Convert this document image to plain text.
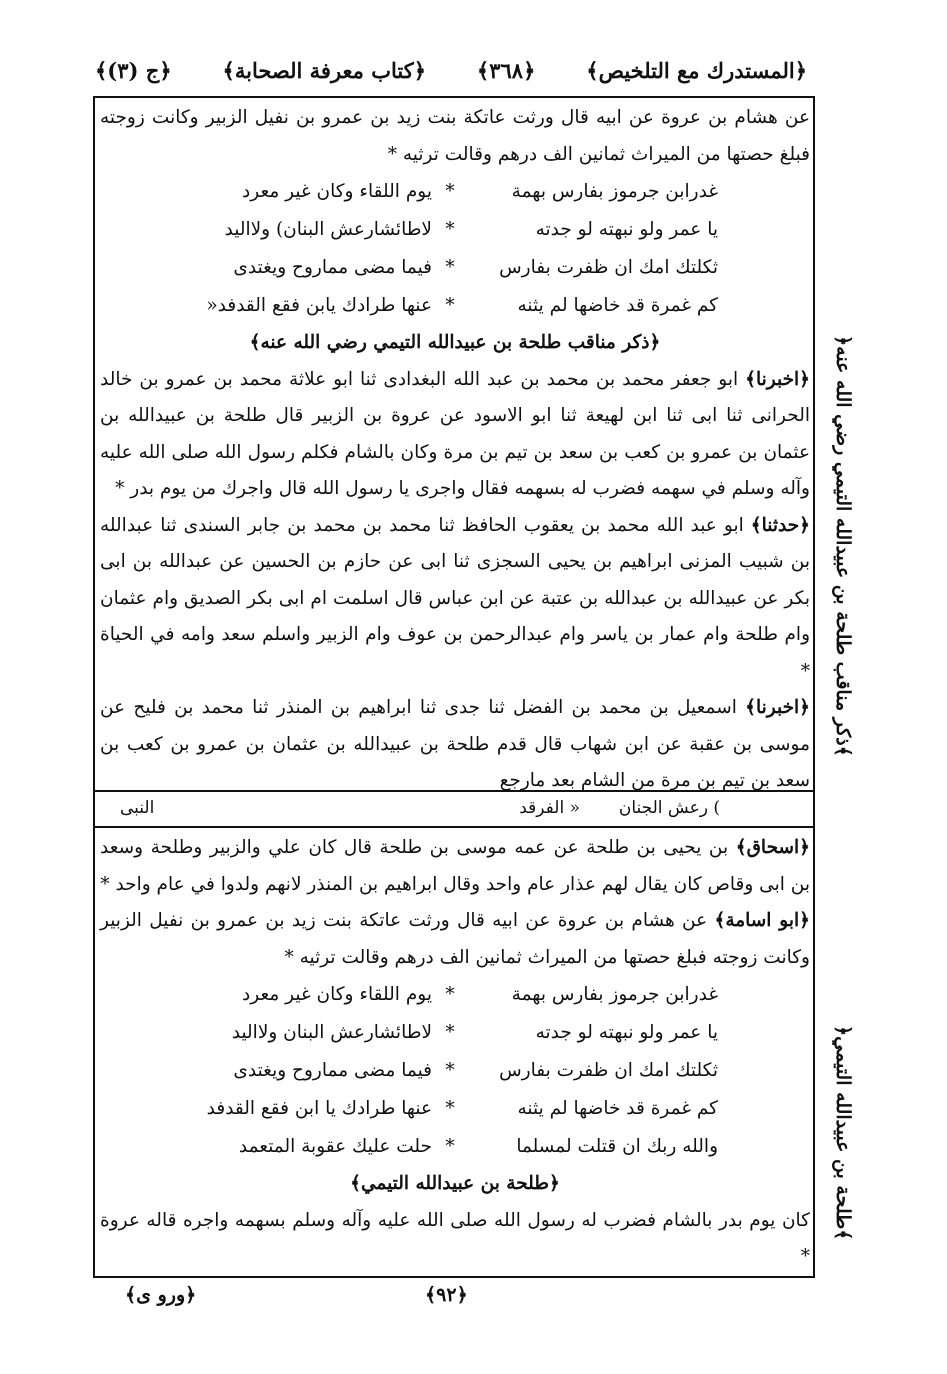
﴿المستدرك مع التلخيص﴾
﴿٣٦٨﴾
﴿كتاب معرفة الصحابة﴾
﴿ج (٣)﴾

عن هشام بن عروة عن ابيه قال ورثت عاتكة بنت زيد بن عمرو بن نفيل الزبير وكانت زوجته فبلغ حصتها من الميراث ثمانين الف درهم وقالت ترثيه *

غدرابن جرموز بفارس بهمة
*
يوم اللقاء وكان غير معرد
يا عمر ولو نبهته لو جدته
*
لاطائشارعش البنان) ولااليد
ثكلتك امك ان ظفرت بفارس
*
فيما مضى مماروح ويغتدى
كم غمرة قد خاضها لم يثنه
*
عنها طرادك يابن فقع القدفد«

﴿ذكر مناقب طلحة بن عبيدالله التيمي رضي الله عنه﴾

﴿اخبرنا﴾ ابو جعفر محمد بن محمد بن عبد الله البغدادى ثنا ابو علاثة محمد بن عمرو بن خالد الحرانى ثنا ابى ثنا ابن لهيعة ثنا ابو الاسود عن عروة بن الزبير قال طلحة بن عبيدالله بن عثمان بن عمرو بن كعب بن سعد بن تيم بن مرة وكان بالشام فكلم رسول الله صلى الله عليه وآله وسلم في سهمه فضرب له بسهمه فقال واجرى يا رسول الله قال واجرك من يوم بدر *

﴿حدثنا﴾ ابو عبد الله محمد بن يعقوب الحافظ ثنا محمد بن محمد بن جابر السندى ثنا عبدالله بن شبيب المزنى ابراهيم بن يحيى السجزى ثنا ابى عن حازم بن الحسين عن عبدالله بن ابى بكر عن عبيدالله بن عبدالله بن عتبة عن ابن عباس قال اسلمت ام ابى بكر الصديق وام عثمان وام طلحة وام عمار بن ياسر وام عبدالرحمن بن عوف وام الزبير واسلم سعد وامه في الحياة *

﴿اخبرنا﴾ اسمعيل بن محمد بن الفضل ثنا جدى ثنا ابراهيم بن المنذر ثنا محمد بن فليح عن موسى بن عقبة عن ابن شهاب قال قدم طلحة بن عبيدالله بن عثمان بن عمرو بن كعب بن سعد بن تيم بن مرة من الشام بعد مارجع

) رعش الجنان
« الفرقد
النبى

﴿اسحاق﴾ بن يحيى بن طلحة عن عمه موسى بن طلحة قال كان علي والزبير وطلحة وسعد بن ابى وقاص كان يقال لهم عذار عام واحد وقال ابراهيم بن المنذر لانهم ولدوا في عام واحد *

﴿ابو اسامة﴾ عن هشام بن عروة عن ابيه قال ورثت عاتكة بنت زيد بن عمرو بن نفيل الزبير وكانت زوجته فبلغ حصتها من الميراث ثمانين الف درهم وقالت ترثيه *

غدرابن جرموز بفارس بهمة
*
يوم اللقاء وكان غير معرد
يا عمر ولو نبهته لو جدته
*
لاطائشارعش البنان ولااليد
ثكلتك امك ان ظفرت بفارس
*
فيما مضى مماروح ويغتدى
كم غمرة قد خاضها لم يثنه
*
عنها طرادك يا ابن فقع القدفد
والله ربك ان قتلت لمسلما
*
حلت عليك عقوبة المتعمد

﴿طلحة بن عبيدالله التيمي﴾

كان يوم بدر بالشام فضرب له رسول الله صلى الله عليه وآله وسلم بسهمه واجره قاله عروة *

﴿ذكر مناقب طلحة بن عبيدالله التيمي رضي الله عنه﴾
﴿طلحة بن عبيدالله التيمي﴾
﴿٩٢﴾
﴿ورو ى﴾
